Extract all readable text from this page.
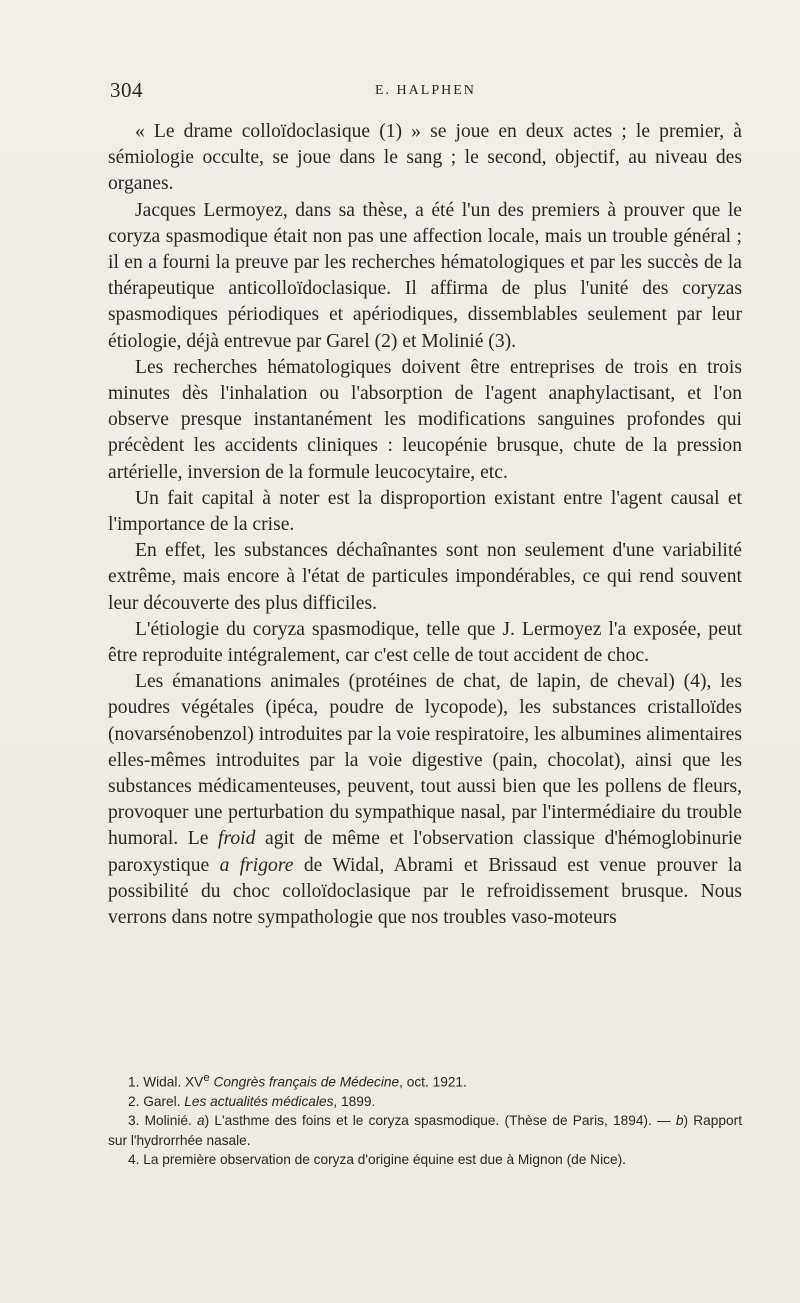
304	E. HALPHEN

« Le drame colloïdoclasique (1) » se joue en deux actes ; le premier, à sémiologie occulte, se joue dans le sang ; le second, objectif, au niveau des organes.

Jacques Lermoyez, dans sa thèse, a été l'un des premiers à prouver que le coryza spasmodique était non pas une affection locale, mais un trouble général ; il en a fourni la preuve par les recherches hématologiques et par les succès de la thérapeutique anticolloïdoclasique. Il affirma de plus l'unité des coryzas spasmodiques périodiques et apériodiques, dissemblables seulement par leur étiologie, déjà entrevue par Garel (2) et Molinié (3).

Les recherches hématologiques doivent être entreprises de trois en trois minutes dès l'inhalation ou l'absorption de l'agent anaphylactisant, et l'on observe presque instantanément les modifications sanguines profondes qui précèdent les accidents cliniques : leucopénie brusque, chute de la pression artérielle, inversion de la formule leucocytaire, etc.

Un fait capital à noter est la disproportion existant entre l'agent causal et l'importance de la crise.

En effet, les substances déchaînantes sont non seulement d'une variabilité extrême, mais encore à l'état de particules impondérables, ce qui rend souvent leur découverte des plus difficiles.

L'étiologie du coryza spasmodique, telle que J. Lermoyez l'a exposée, peut être reproduite intégralement, car c'est celle de tout accident de choc.

Les émanations animales (protéines de chat, de lapin, de cheval) (4), les poudres végétales (ipéca, poudre de lycopode), les substances cristalloïdes (novarsénobenzol) introduites par la voie respiratoire, les albumines alimentaires elles-mêmes introduites par la voie digestive (pain, chocolat), ainsi que les substances médicamenteuses, peuvent, tout aussi bien que les pollens de fleurs, provoquer une perturbation du sympathique nasal, par l'intermédiaire du trouble humoral. Le froid agit de même et l'observation classique d'hémoglobinurie paroxystique a frigore de Widal, Abrami et Brissaud est venue prouver la possibilité du choc colloïdoclasique par le refroidissement brusque. Nous verrons dans notre sympathologie que nos troubles vaso-moteurs

1. Widal. XVe Congrès français de Médecine, oct. 1921.

2. Garel. Les actualités médicales, 1899.

3. Molinié. a) L'asthme des foins et le coryza spasmodique. (Thèse de Paris, 1894). — b) Rapport sur l'hydrorrhée nasale.

4. La première observation de coryza d'origine équine est due à Mignon (de Nice).
